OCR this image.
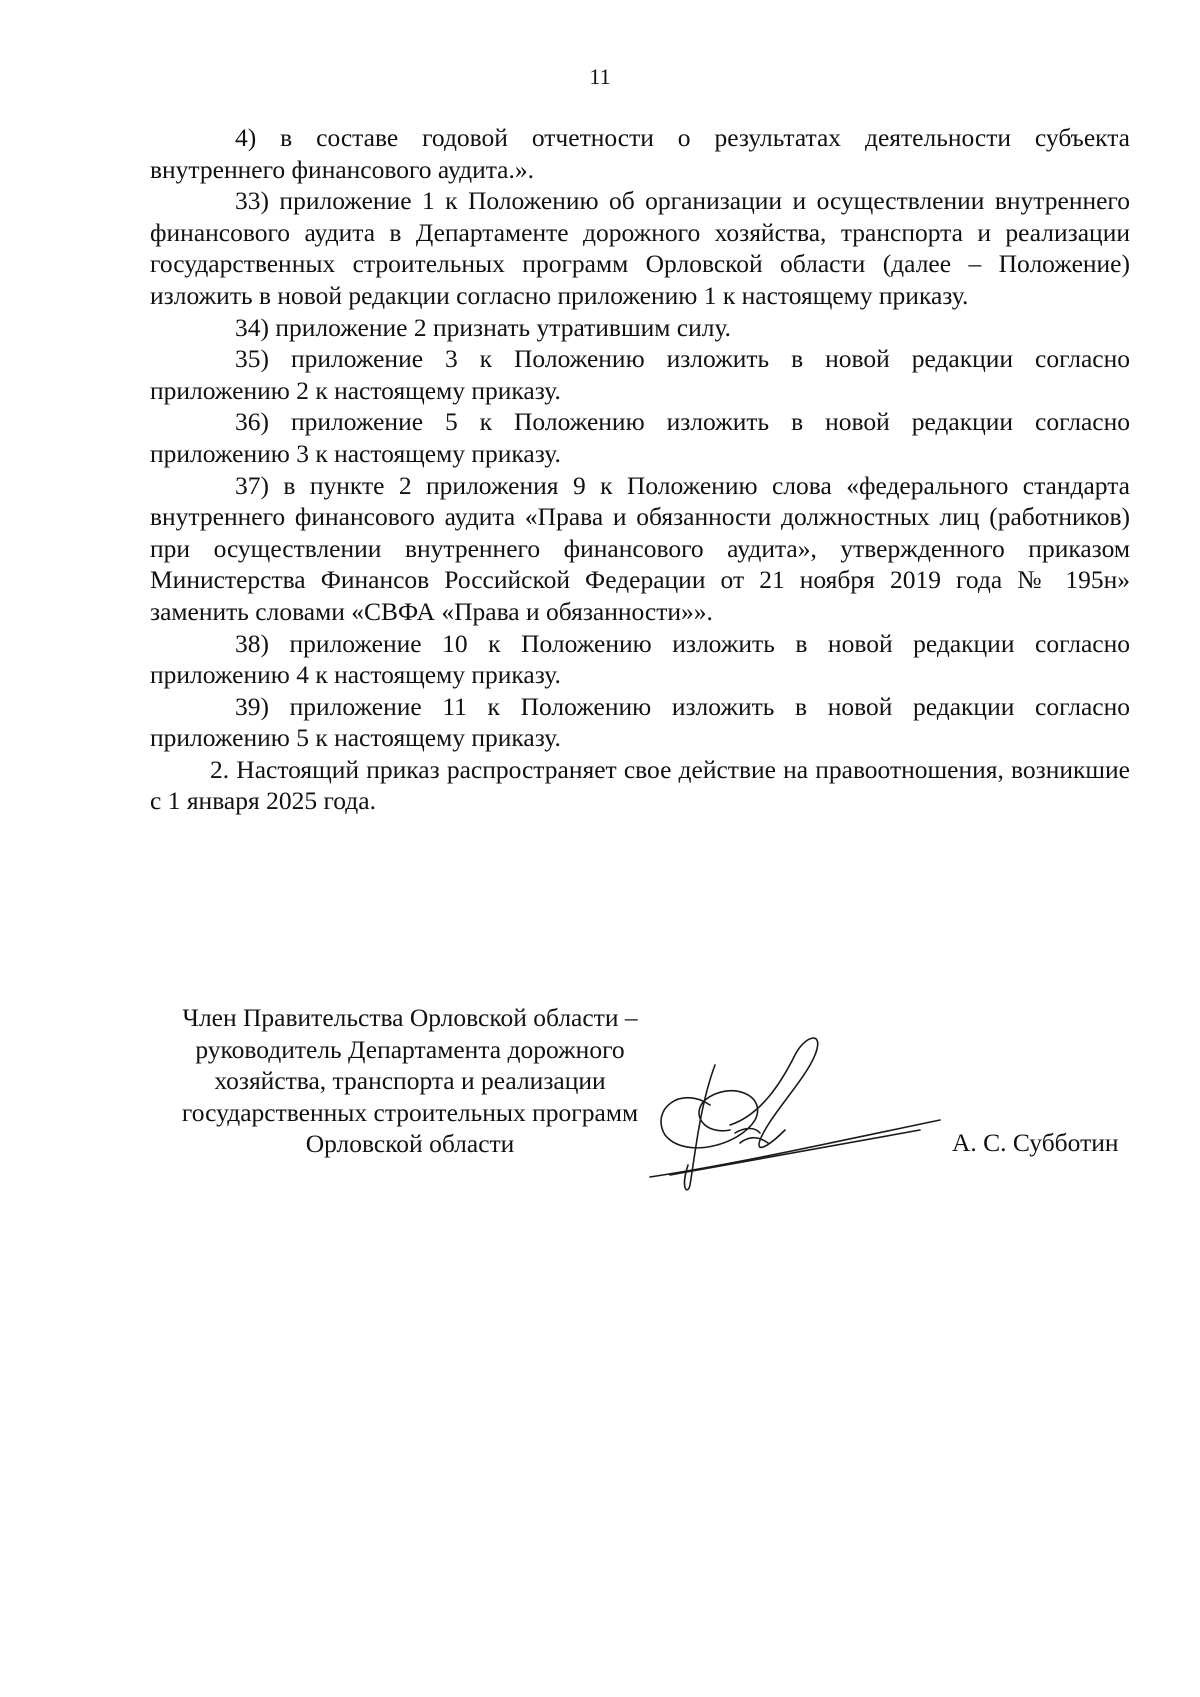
11

4) в составе годовой отчетности о результатах деятельности субъекта внутреннего финансового аудита.».

33) приложение 1 к Положению об организации и осуществлении внутреннего финансового аудита в Департаменте дорожного хозяйства, транспорта и реализации государственных строительных программ Орловской области (далее – Положение) изложить в новой редакции согласно приложению 1 к настоящему приказу.

34) приложение 2 признать утратившим силу.

35) приложение 3 к Положению изложить в новой редакции согласно приложению 2 к настоящему приказу.

36) приложение 5 к Положению изложить в новой редакции согласно приложению 3 к настоящему приказу.

37) в пункте 2 приложения 9 к Положению слова «федерального стандарта внутреннего финансового аудита «Права и обязанности должностных лиц (работников) при осуществлении внутреннего финансового аудита», утвержденного приказом Министерства Финансов Российской Федерации от 21 ноября 2019 года № 195н» заменить словами «СВФА «Права и обязанности»».

38) приложение 10 к Положению изложить в новой редакции согласно приложению 4 к настоящему приказу.

39) приложение 11 к Положению изложить в новой редакции согласно приложению 5 к настоящему приказу.

2. Настоящий приказ распространяет свое действие на правоотношения, возникшие с 1 января 2025 года.

Член Правительства Орловской области –
руководитель Департамента дорожного
хозяйства, транспорта и реализации
государственных строительных программ
Орловской области	А. С. Субботин
